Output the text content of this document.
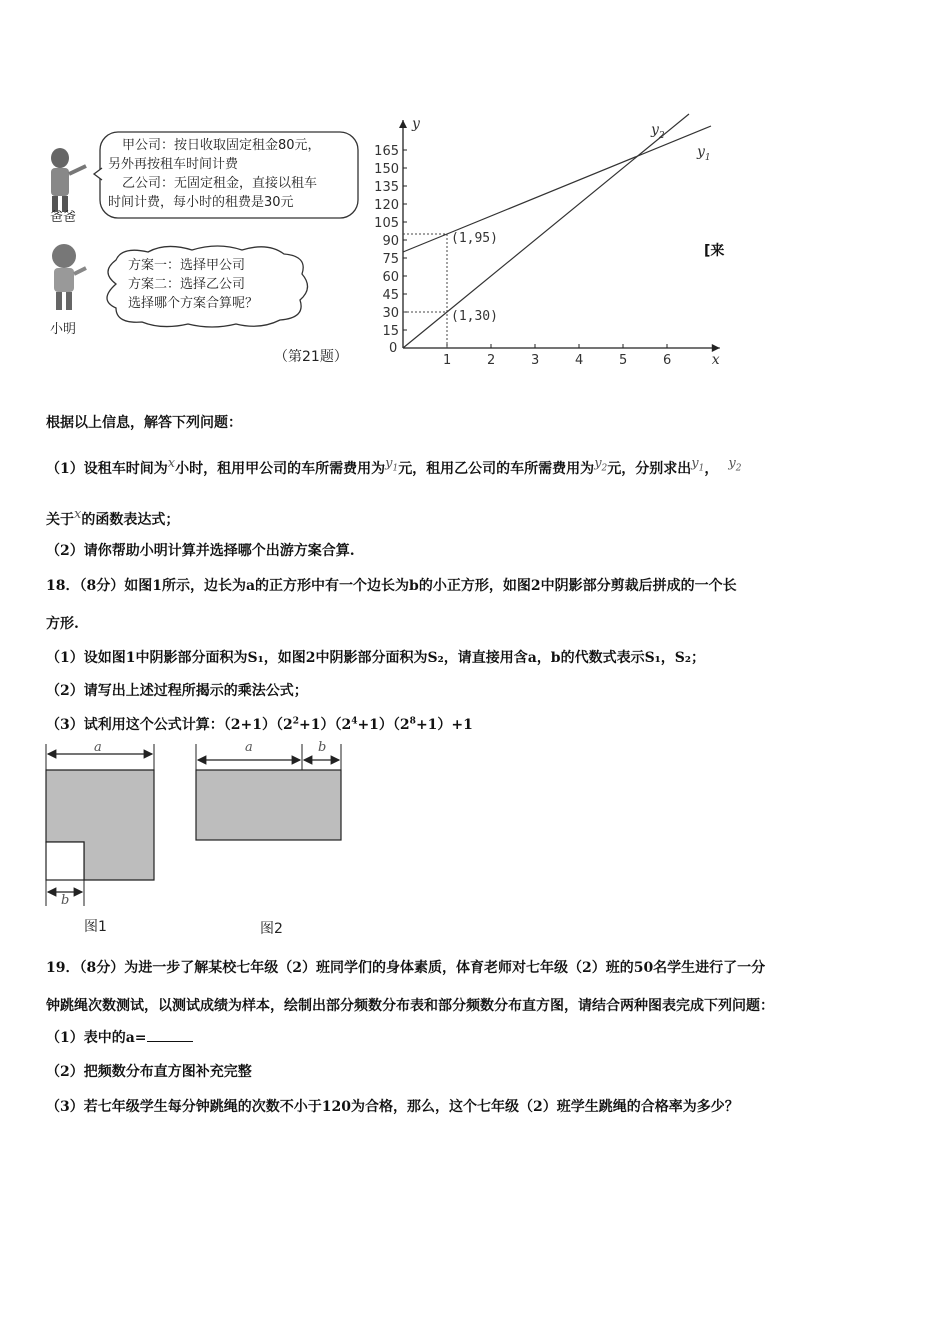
爸爸
甲公司：按日收取固定租金80元，
另外再按租车时间计费
乙公司：无固定租金，直接以租车
时间计费，每小时的租费是30元
小明
方案一：选择甲公司
方案二：选择乙公司
选择哪个方案合算呢？
（第21题）	x
y
0
1	2	3	4	5	6
15
30
45
60
75
90
105
120
135
150
165	$y_1$
$y_2$
(1,95)
(1,30)
[来
根据以上信息，解答下列问题：
（1）设租车时间为x小时，租用甲公司的车所需费用为$y_1$元，租用乙公司的车所需费用为$y_2$元，分别求出$y_1$， $y_2$
关于x的函数表达式；
（2）请你帮助小明计算并选择哪个出游方案合算.
18．（8分）如图1所示，边长为a的正方形中有一个边长为b的小正方形，如图2中阴影部分剪裁后拼成的一个长
方形.
（1）设如图1中阴影部分面积为S₁，如图2中阴影部分面积为S₂，请直接用含a，b的代数式表示S₁，S₂；
（2）请写出上述过程所揭示的乘法公式；
（3）试利用这个公式计算：$(2+1)(2^2+1)(2^4+1)(2^8+1)+1$
a
b
图1
a	b
图2
19．（8分）为进一步了解某校七年级（2）班同学们的身体素质，体育老师对七年级（2）班的50名学生进行了一分
钟跳绳次数测试，以测试成绩为样本，绘制出部分频数分布表和部分频数分布直方图，请结合两种图表完成下列问题：
（1）表中的a=
（2）把频数分布直方图补充完整
（3）若七年级学生每分钟跳绳的次数不小于120为合格，那么，这个七年级（2）班学生跳绳的合格率为多少？
